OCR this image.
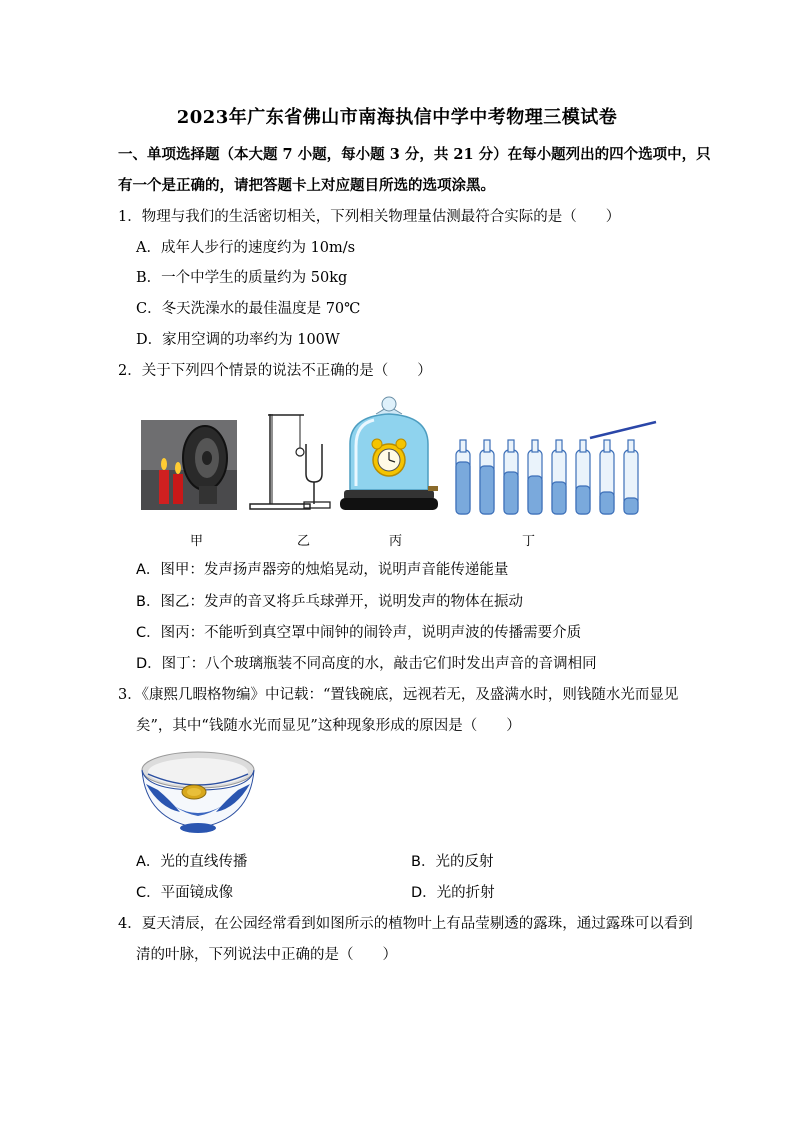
2023年广东省佛山市南海执信中学中考物理三模试卷
一、单项选择题（本大题 7 小题，每小题 3 分，共 21 分）在每小题列出的四个选项中，只
有一个是正确的，请把答题卡上对应题目所选的选项涂黑。
1．物理与我们的生活密切相关，下列相关物理量估测最符合实际的是（　　）
A．成年人步行的速度约为 10m/s
B．一个中学生的质量约为 50kg
C．冬天洗澡水的最佳温度是 70℃
D．家用空调的功率约为 100W
2．关于下列四个情景的说法不正确的是（　　）
甲	乙	丙	丁
A．图甲：发声扬声器旁的烛焰晃动，说明声音能传递能量
B．图乙：发声的音叉将乒乓球弹开，说明发声的物体在振动
C．图丙：不能听到真空罩中闹钟的闹铃声，说明声波的传播需要介质
D．图丁：八个玻璃瓶装不同高度的水，敲击它们时发出声音的音调相同
3．《康熙几暇格物编》中记载：“置钱碗底，远视若无，及盛满水时，则钱随水光而显见
矣”，其中“钱随水光而显见”这种现象形成的原因是（　　）
A．光的直线传播	B．光的反射
C．平面镜成像	D．光的折射
4．夏天清辰，在公园经常看到如图所示的植物叶上有品莹剔透的露珠，通过露珠可以看到
清的叶脉，下列说法中正确的是（　　）
